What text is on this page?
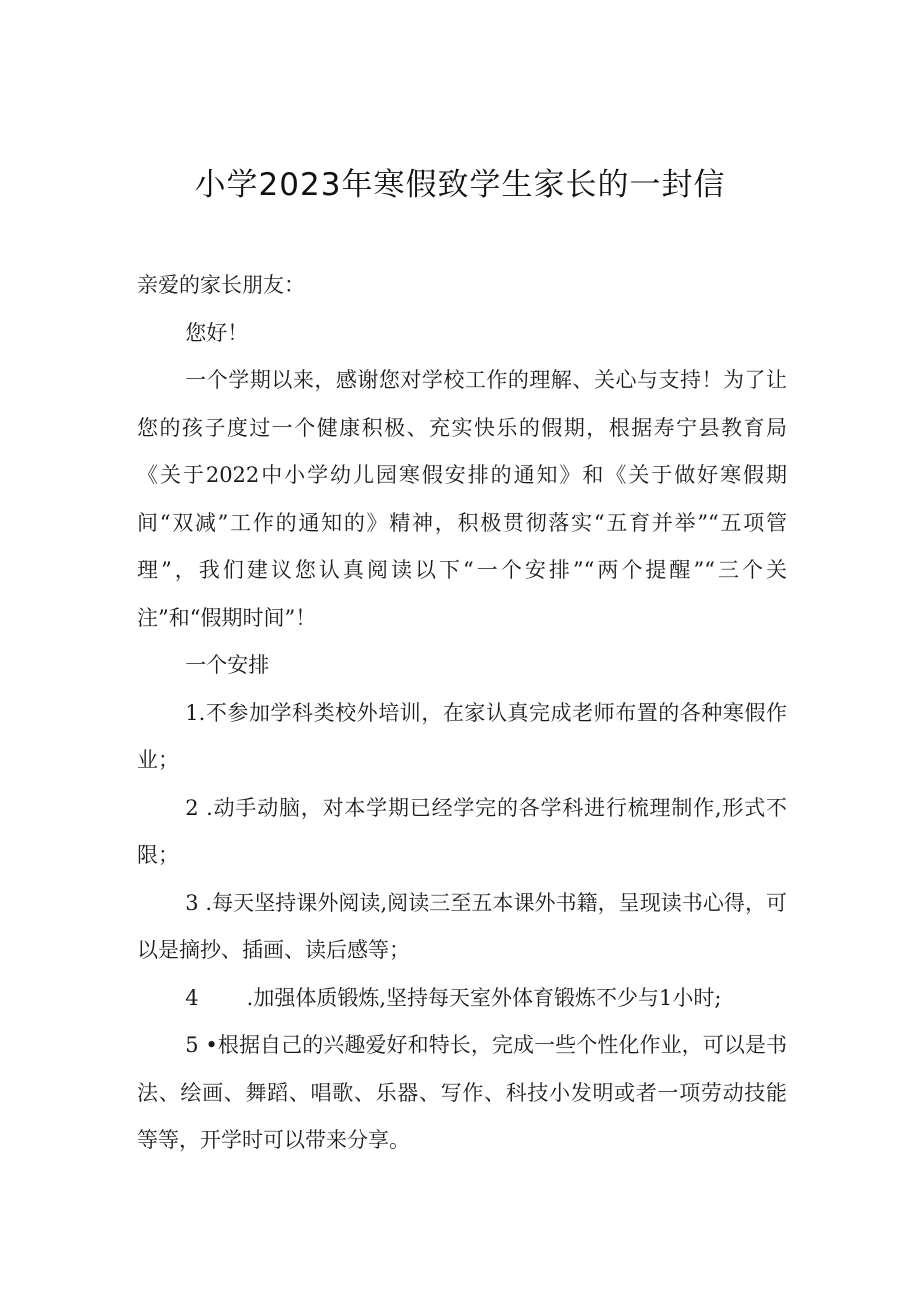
小学2023年寒假致学生家长的一封信

亲爱的家长朋友：

您好！

一个学期以来，感谢您对学校工作的理解、关心与支持！为了让您的孩子度过一个健康积极、充实快乐的假期，根据寿宁县教育局《关于2022中小学幼儿园寒假安排的通知》和《关于做好寒假期间“双减”工作的通知的》精神，积极贯彻落实“五育并举”“五项管理”，我们建议您认真阅读以下“一个安排”“两个提醒”“三个关注”和“假期时间”！

一个安排

1.不参加学科类校外培训，在家认真完成老师布置的各种寒假作业；

2 .动手动脑，对本学期已经学完的各学科进行梳理制作,形式不限；

3 .每天坚持课外阅读,阅读三至五本课外书籍，呈现读书心得，可以是摘抄、插画、读后感等；

4 .加强体质锻炼,坚持每天室外体育锻炼不少与1小时;

5 •根据自己的兴趣爱好和特长，完成一些个性化作业，可以是书法、绘画、舞蹈、唱歌、乐器、写作、科技小发明或者一项劳动技能等等，开学时可以带来分享。
